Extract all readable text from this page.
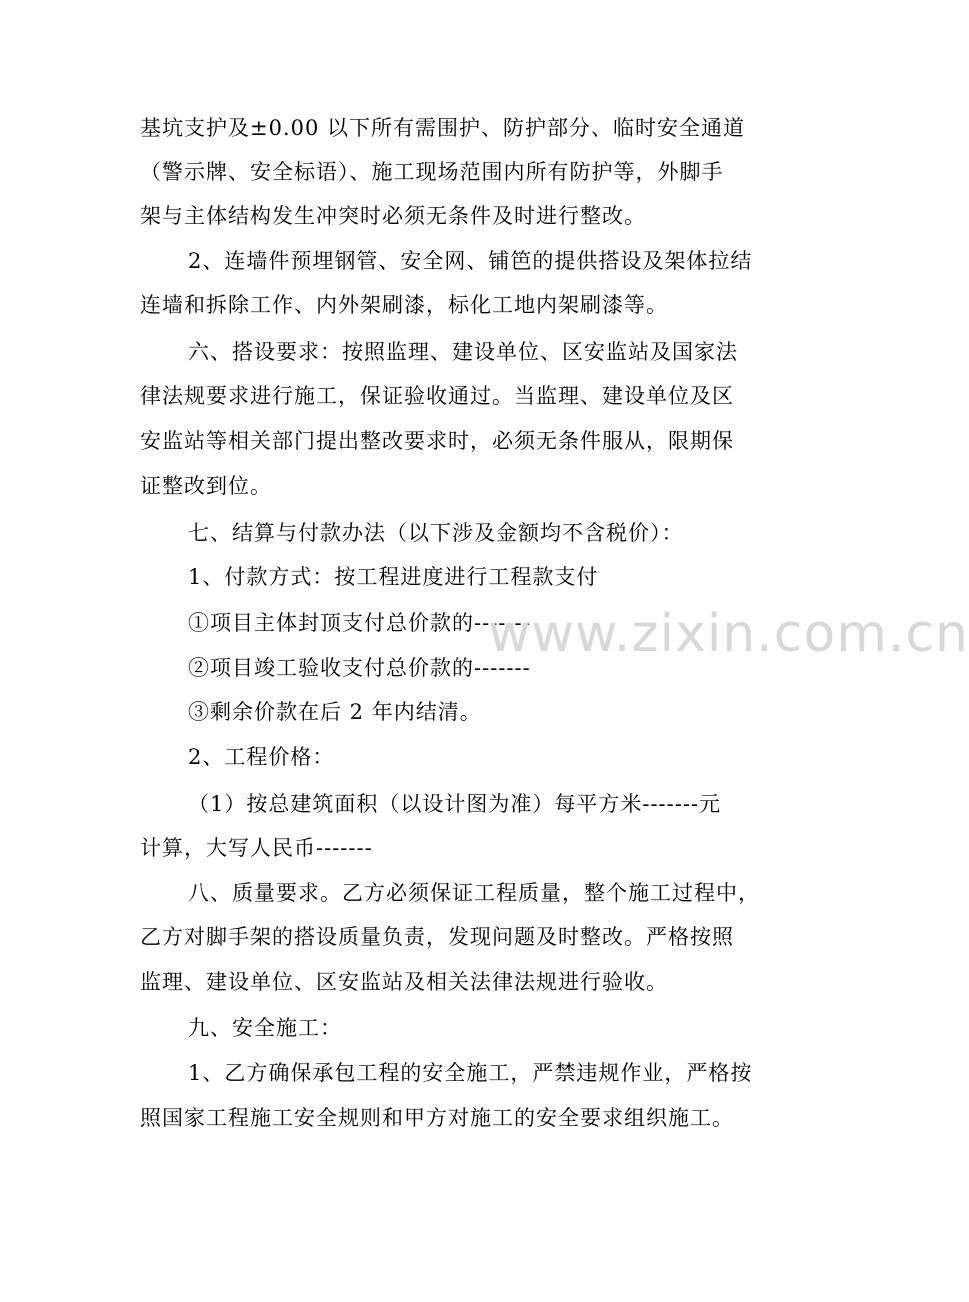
基坑支护及±0.00 以下所有需围护、防护部分、临时安全通道
（警示牌、安全标语）、施工现场范围内所有防护等，外脚手
架与主体结构发生冲突时必须无条件及时进行整改。
2、连墙件预埋钢管、安全网、铺笆的提供搭设及架体拉结
连墙和拆除工作、内外架刷漆，标化工地内架刷漆等。
六、搭设要求：按照监理、建设单位、区安监站及国家法
律法规要求进行施工，保证验收通过。当监理、建设单位及区
安监站等相关部门提出整改要求时，必须无条件服从，限期保
证整改到位。
七、结算与付款办法（以下涉及金额均不含税价）：
1、付款方式：按工程进度进行工程款支付
①项目主体封顶支付总价款的-------
②项目竣工验收支付总价款的-------
③剩余价款在后 2 年内结清。
2、工程价格：
（1）按总建筑面积（以设计图为准）每平方米-------元
计算，大写人民币-------
八、质量要求。乙方必须保证工程质量，整个施工过程中，
乙方对脚手架的搭设质量负责，发现问题及时整改。严格按照
监理、建设单位、区安监站及相关法律法规进行验收。
九、安全施工：
1、乙方确保承包工程的安全施工，严禁违规作业，严格按
照国家工程施工安全规则和甲方对施工的安全要求组织施工。
www.zixin.com.cn
